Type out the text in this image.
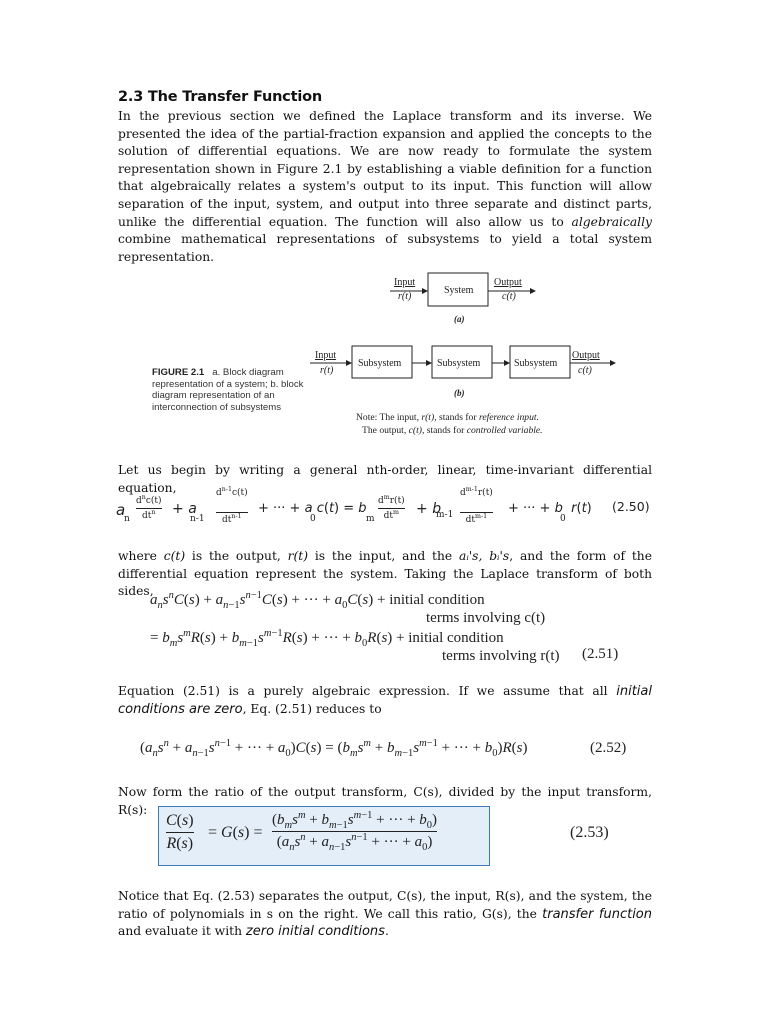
2.3 The Transfer Function

In the previous section we defined the Laplace transform and its inverse. We presented the idea of the partial-fraction expansion and applied the concepts to the solution of differential equations. We are now ready to formulate the system representation shown in Figure 2.1 by establishing a viable definition for a function that algebraically relates a system's output to its input. This function will allow separation of the input, system, and output into three separate and distinct parts, unlike the differential equation. The function will also allow us to algebraically combine mathematical representations of subsystems to yield a total system representation.

Input
r(t)
System
Output
c(t)
(a)
Input
r(t)
Subsystem	Subsystem	Subsystem
Output
c(t)
(b)
Note: The input, r(t), stands for reference input.
The output, c(t), stands for controlled variable.
FIGURE 2.1 a. Block diagram representation of a system; b. block diagram representation of an interconnection of subsystems

Let us begin by writing a general nth-order, linear, time-invariant differential equation,

a
n
$d^nc(t)$
$dt^n + a$
n-1
$d^{n-1}c(t)$
$dt^{n-1}$
+ ··· + a c(t) = b
0	m
$d^mr(t)$
$dt^m + b$
m-1
$d^{m-1}r(t)$
$dt^{m-1}$
+ ··· + b r(t)
0
(2.50)

where c(t) is the output, r(t) is the input, and the aᵢ's, bᵢ's, and the form of the differential equation represent the system. Taking the Laplace transform of both sides,

$a_ns^nC(s) + a_{n-1}s^{n-1}C(s)$ + ··· + $a_0C(s)$ + initial condition
terms involving c(t)
= $b_ms^mR(s) + b_{m-1}s^{m-1}R(s)$ + ··· + $b_0R(s)$ + initial condition
terms involving r(t) (2.51)

Equation (2.51) is a purely algebraic expression. If we assume that all initial conditions are zero, Eq. (2.51) reduces to

($a_ns^n + a_{n-1}s^{n-1}$ + ··· + $a_0)C(s) = (b_ms^m + b_{m-1}s^{m-1}$ + ··· + $b_0)R(s)$	(2.52)

Now form the ratio of the output transform, C(s), divided by the input transform, R(s):

C(s)
R(s)
= G(s) =
($b_ms^m + b_{m-1}s^{m-1}$ + ··· + $b_0$)
($a_ns^n + a_{n-1}s^{n-1}$ + ··· + $a_0$)
(2.53)

Notice that Eq. (2.53) separates the output, C(s), the input, R(s), and the system, the ratio of polynomials in s on the right. We call this ratio, G(s), the transfer function and evaluate it with zero initial conditions.
